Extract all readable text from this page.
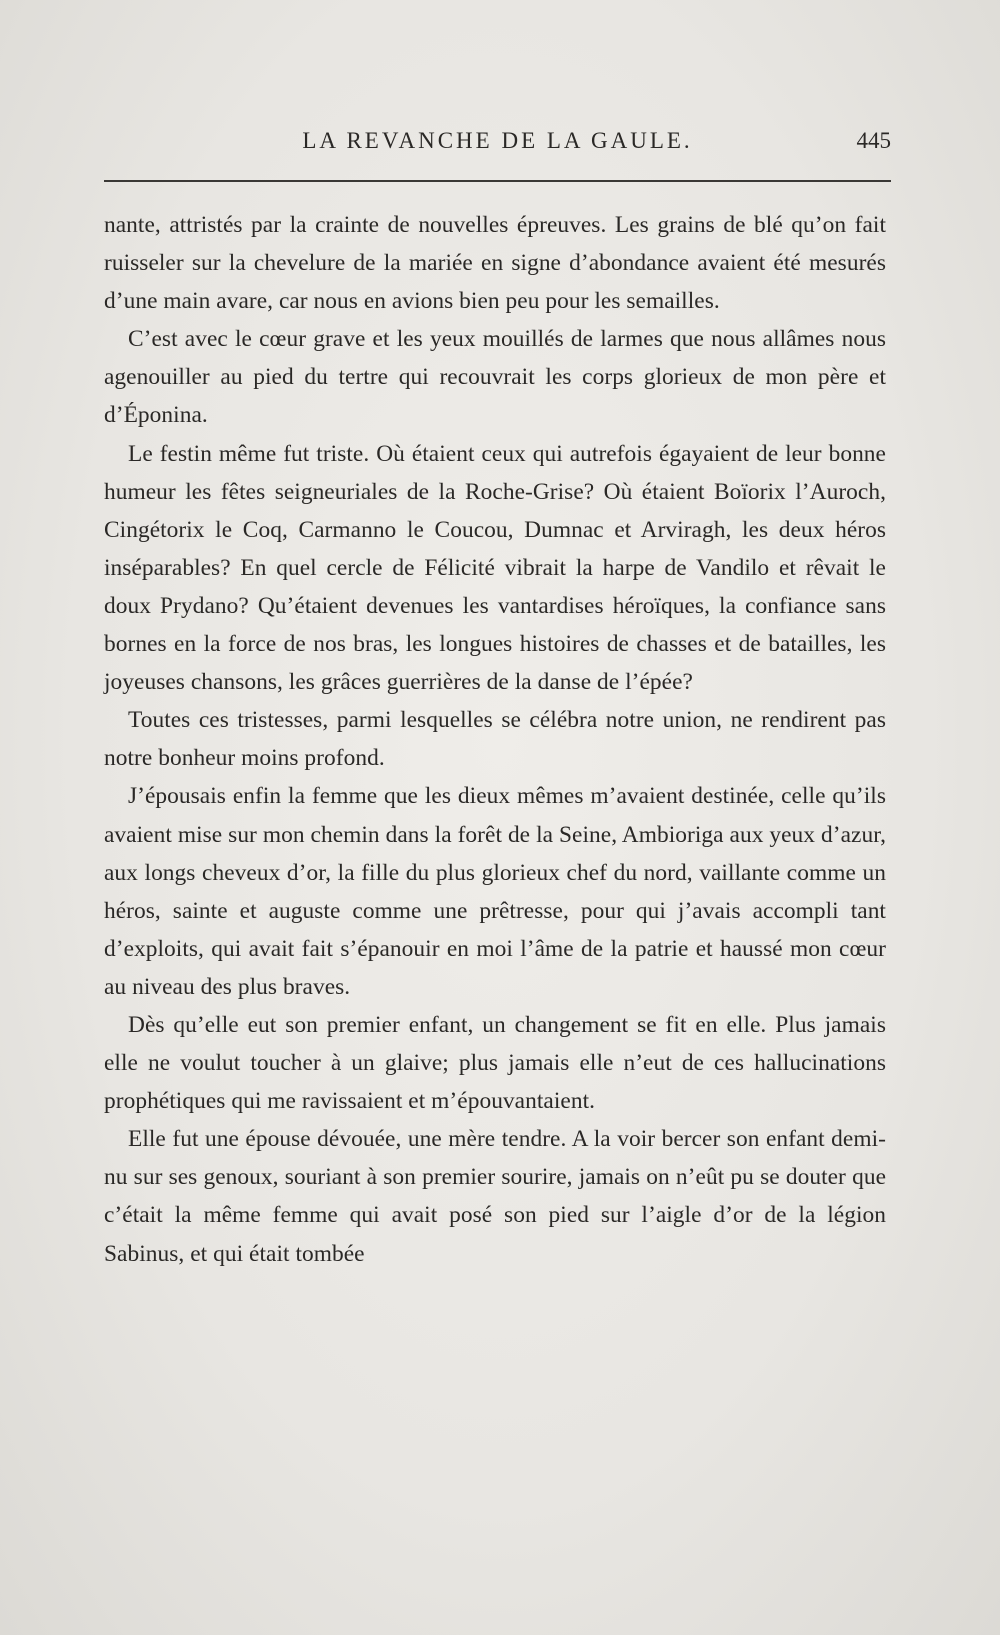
LA REVANCHE DE LA GAULE.	445

nante, attristés par la crainte de nouvelles épreuves. Les grains de blé qu’on fait ruisseler sur la chevelure de la mariée en signe d’abondance avaient été mesurés d’une main avare, car nous en avions bien peu pour les semailles.

C’est avec le cœur grave et les yeux mouillés de larmes que nous allâmes nous agenouiller au pied du tertre qui recouvrait les corps glorieux de mon père et d’Éponina.

Le festin même fut triste. Où étaient ceux qui autrefois égayaient de leur bonne humeur les fêtes seigneuriales de la Roche-Grise? Où étaient Boïorix l’Auroch, Cingétorix le Coq, Carmanno le Coucou, Dumnac et Arviragh, les deux héros inséparables? En quel cercle de Félicité vibrait la harpe de Vandilo et rêvait le doux Prydano? Qu’étaient devenues les vantardises héroïques, la confiance sans bornes en la force de nos bras, les longues histoires de chasses et de batailles, les joyeuses chansons, les grâces guerrières de la danse de l’épée?

Toutes ces tristesses, parmi lesquelles se célébra notre union, ne rendirent pas notre bonheur moins profond.

J’épousais enfin la femme que les dieux mêmes m’avaient destinée, celle qu’ils avaient mise sur mon chemin dans la forêt de la Seine, Ambioriga aux yeux d’azur, aux longs cheveux d’or, la fille du plus glorieux chef du nord, vaillante comme un héros, sainte et auguste comme une prêtresse, pour qui j’avais accompli tant d’exploits, qui avait fait s’épanouir en moi l’âme de la patrie et haussé mon cœur au niveau des plus braves.

Dès qu’elle eut son premier enfant, un changement se fit en elle. Plus jamais elle ne voulut toucher à un glaive; plus jamais elle n’eut de ces hallucinations prophétiques qui me ravissaient et m’épouvantaient.

Elle fut une épouse dévouée, une mère tendre. A la voir bercer son enfant demi-nu sur ses genoux, souriant à son premier sourire, jamais on n’eût pu se douter que c’était la même femme qui avait posé son pied sur l’aigle d’or de la légion Sabinus, et qui était tombée
